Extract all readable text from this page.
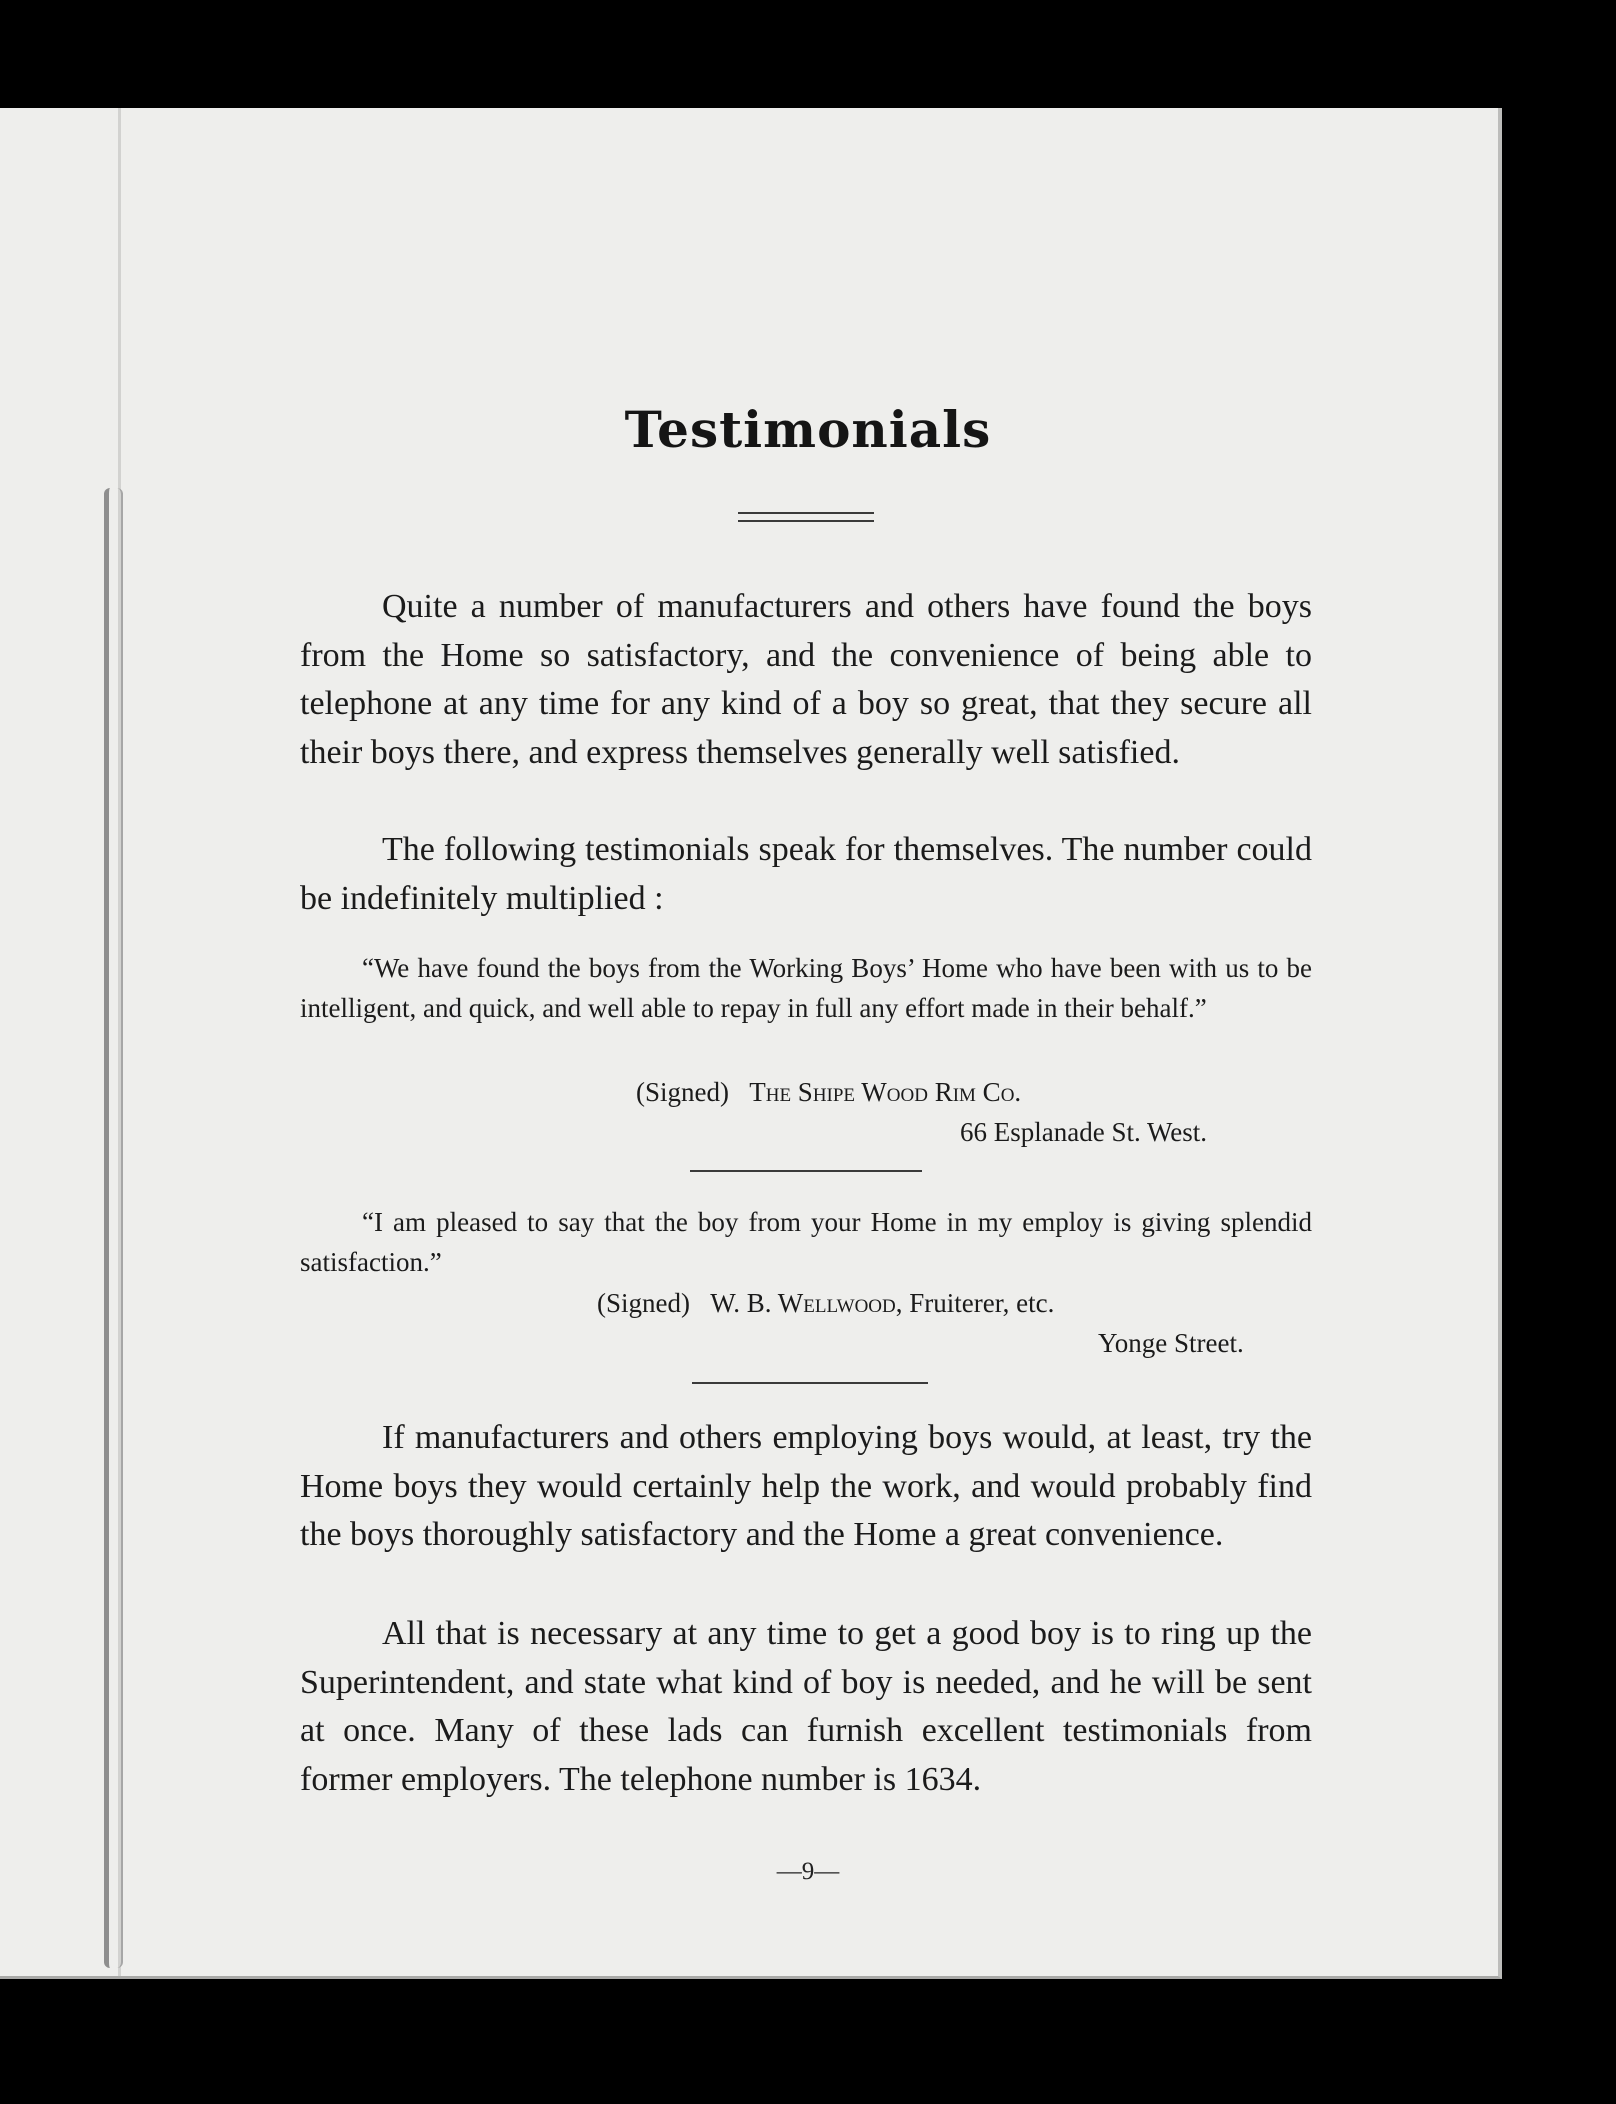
Testimonials

Quite a number of manufacturers and others have found the boys from the Home so satisfactory, and the convenience of being able to telephone at any time for any kind of a boy so great, that they secure all their boys there, and express themselves generally well satisfied.

The following testimonials speak for themselves. The number could be indefinitely multiplied :

“We have found the boys from the Working Boys’ Home who have been with us to be intelligent, and quick, and well able to repay in full any effort made in their behalf.”

(Signed) The Shipe Wood Rim Co.
66 Esplanade St. West.

“I am pleased to say that the boy from your Home in my employ is giving splendid satisfaction.”

(Signed) W. B. Wellwood, Fruiterer, etc.
Yonge Street.

If manufacturers and others employing boys would, at least, try the Home boys they would certainly help the work, and would probably find the boys thoroughly satisfactory and the Home a great convenience.

All that is necessary at any time to get a good boy is to ring up the Superintendent, and state what kind of boy is needed, and he will be sent at once. Many of these lads can furnish excellent testimonials from former employers. The telephone number is 1634.

—9—
